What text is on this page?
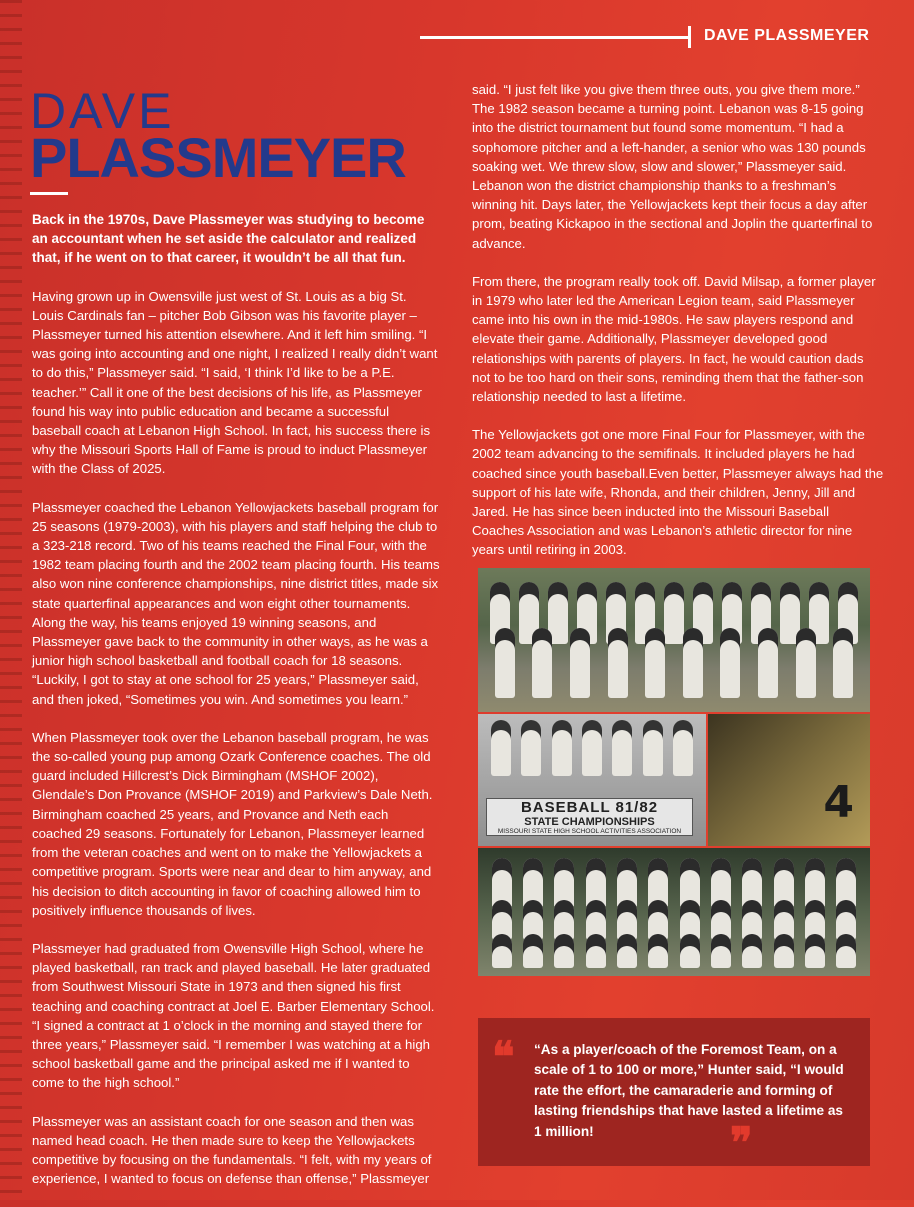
DAVE PLASSMEYER
DAVE
PLASSMEYER

Back in the 1970s, Dave Plassmeyer was studying to become an accountant when he set aside the calculator and realized that, if he went on to that career, it wouldn’t be all that fun.

Having grown up in Owensville just west of St. Louis as a big St. Louis Cardinals fan – pitcher Bob Gibson was his favorite player – Plassmeyer turned his attention elsewhere. And it left him smiling. “I was going into accounting and one night, I realized I really didn’t want to do this,” Plassmeyer said. “I said, ‘I think I’d like to be a P.E. teacher.’” Call it one of the best decisions of his life, as Plassmeyer found his way into public education and became a successful baseball coach at Lebanon High School. In fact, his success there is why the Missouri Sports Hall of Fame is proud to induct Plassmeyer with the Class of 2025.

Plassmeyer coached the Lebanon Yellowjackets baseball program for 25 seasons (1979-2003), with his players and staff helping the club to a 323-218 record. Two of his teams reached the Final Four, with the 1982 team placing fourth and the 2002 team placing fourth. His teams also won nine conference championships, nine district titles, made six state quarterfinal appearances and won eight other tournaments. Along the way, his teams enjoyed 19 winning seasons, and Plassmeyer gave back to the community in other ways, as he was a junior high school basketball and football coach for 18 seasons. “Luckily, I got to stay at one school for 25 years,” Plassmeyer said, and then joked, “Sometimes you win. And sometimes you learn.”

When Plassmeyer took over the Lebanon baseball program, he was the so-called young pup among Ozark Conference coaches. The old guard included Hillcrest’s Dick Birmingham (MSHOF 2002), Glendale’s Don Provance (MSHOF 2019) and Parkview’s Dale Neth. Birmingham coached 25 years, and Provance and Neth each coached 29 seasons. Fortunately for Lebanon, Plassmeyer learned from the veteran coaches and went on to make the Yellowjackets a competitive program. Sports were near and dear to him anyway, and his decision to ditch accounting in favor of coaching allowed him to positively influence thousands of lives.

Plassmeyer had graduated from Owensville High School, where he played basketball, ran track and played baseball. He later graduated from Southwest Missouri State in 1973 and then signed his first teaching and coaching contract at Joel E. Barber Elementary School. “I signed a contract at 1 o’clock in the morning and stayed there for three years,” Plassmeyer said. “I remember I was watching at a high school basketball game and the principal asked me if I wanted to come to the high school.”

Plassmeyer was an assistant coach for one season and then was named head coach. He then made sure to keep the Yellowjackets competitive by focusing on the fundamentals. “I felt, with my years of experience, I wanted to focus on defense than offense,” Plassmeyer

said. “I just felt like you give them three outs, you give them more.” The 1982 season became a turning point. Lebanon was 8-15 going into the district tournament but found some momentum. “I had a sophomore pitcher and a left-hander, a senior who was 130 pounds soaking wet. We threw slow, slow and slower,” Plassmeyer said. Lebanon won the district championship thanks to a freshman’s winning hit. Days later, the Yellowjackets kept their focus a day after prom, beating Kickapoo in the sectional and Joplin the quarterfinal to advance.

From there, the program really took off. David Milsap, a former player in 1979 who later led the American Legion team, said Plassmeyer came into his own in the mid-1980s. He saw players respond and elevate their game. Additionally, Plassmeyer developed good relationships with parents of players. In fact, he would caution dads not to be too hard on their sons, reminding them that the father-son relationship needed to last a lifetime.

The Yellowjackets got one more Final Four for Plassmeyer, with the 2002 team advancing to the semifinals. It included players he had coached since youth baseball.Even better, Plassmeyer always had the support of his late wife, Rhonda, and their children, Jenny, Jill and Jared. He has since been inducted into the Missouri Baseball Coaches Association and was Lebanon’s athletic director for nine years until retiring in 2003.

BASEBALL 81/82
STATE CHAMPIONSHIPS
MISSOURI STATE HIGH SCHOOL ACTIVITIES ASSOCIATION
4
❝ “As a player/coach of the Foremost Team, on a scale of 1 to 100 or more,” Hunter said, “I would rate the effort, the camaraderie and forming of lasting friendships that have lasted a lifetime as 1 million!	❞
